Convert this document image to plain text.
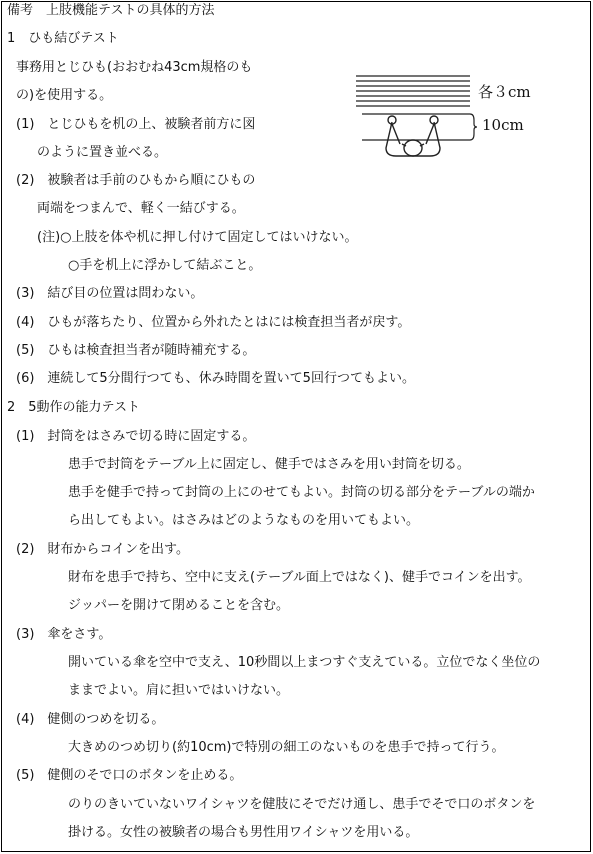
備考　上肢機能テストの具体的方法
1　ひも結びテスト
事務用とじひも(おおむね43cm規格のも
の)を使用する。
(1)　とじひもを机の上、被験者前方に図
のように置き並べる。
(2)　被験者は手前のひもから順にひもの
両端をつまんで、軽く一結びする。
(注)○上肢を体や机に押し付けて固定してはいけない。
○手を机上に浮かして結ぶこと。
(3)　結び目の位置は問わない。
(4)　ひもが落ちたり、位置から外れたとはには検査担当者が戻す。
(5)　ひもは検査担当者が随時補充する。
(6)　連続して5分間行つても、休み時間を置いて5回行つてもよい。
2　5動作の能力テスト
(1)　封筒をはさみで切る時に固定する。
患手で封筒をテーブル上に固定し、健手ではさみを用い封筒を切る。
患手を健手で持って封筒の上にのせてもよい。封筒の切る部分をテーブルの端か
ら出してもよい。はさみはどのようなものを用いてもよい。
(2)　財布からコインを出す。
財布を患手で持ち、空中に支え(テーブル面上ではなく)、健手でコインを出す。
ジッパーを開けて閉めることを含む。
(3)　傘をさす。
開いている傘を空中で支え、10秒間以上まつすぐ支えている。立位でなく坐位の
ままでよい。肩に担いではいけない。
(4)　健側のつめを切る。
大きめのつめ切り(約10cm)で特別の細工のないものを患手で持って行う。
(5)　健側のそで口のボタンを止める。
のりのきいていないワイシャツを健肢にそでだけ通し、患手でそで口のボタンを
掛ける。女性の被験者の場合も男性用ワイシャツを用いる。
各３cm
10cm
